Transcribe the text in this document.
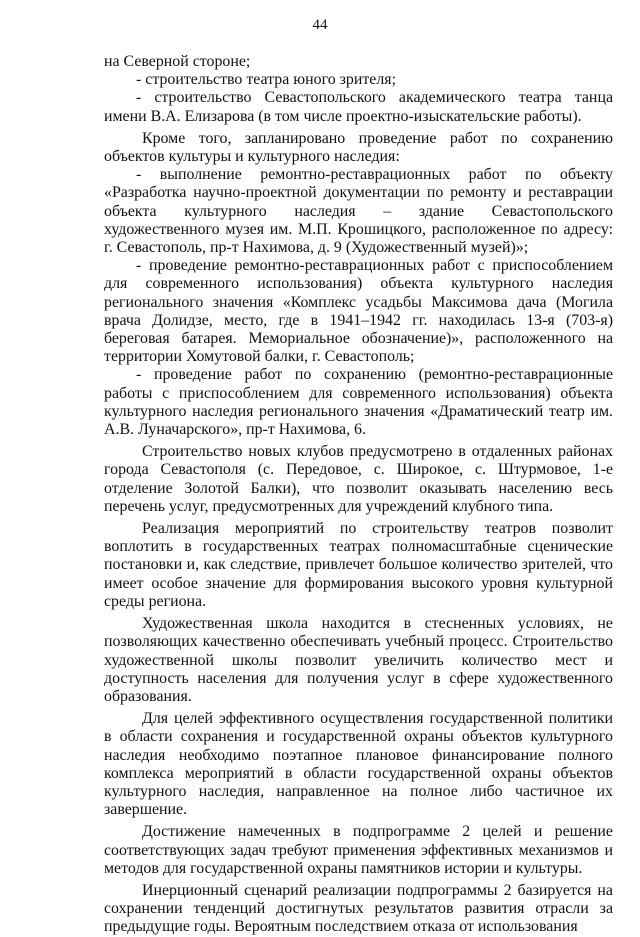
44

на Северной стороне;

- строительство театра юного зрителя;

- строительство Севастопольского академического театра танца имени В.А. Елизарова (в том числе проектно-изыскательские работы).

Кроме того, запланировано проведение работ по сохранению объектов культуры и культурного наследия:

- выполнение ремонтно-реставрационных работ по объекту «Разработка научно-проектной документации по ремонту и реставрации объекта культурного наследия – здание Севастопольского художественного музея им. М.П. Крошицкого, расположенное по адресу: г. Севастополь, пр-т Нахимова, д. 9 (Художественный музей)»;

- проведение ремонтно-реставрационных работ с приспособлением для современного использования) объекта культурного наследия регионального значения «Комплекс усадьбы Максимова дача (Могила врача Долидзе, место, где в 1941–1942 гг. находилась 13-я (703-я) береговая батарея. Мемориальное обозначение)», расположенного на территории Хомутовой балки, г. Севастополь;

- проведение работ по сохранению (ремонтно-реставрационные работы с приспособлением для современного использования) объекта культурного наследия регионального значения «Драматический театр им. А.В. Луначарского», пр-т Нахимова, 6.

Строительство новых клубов предусмотрено в отдаленных районах города Севастополя (с. Передовое, с. Широкое, с. Штурмовое, 1-е отделение Золотой Балки), что позволит оказывать населению весь перечень услуг, предусмотренных для учреждений клубного типа.

Реализация мероприятий по строительству театров позволит воплотить в государственных театрах полномасштабные сценические постановки и, как следствие, привлечет большое количество зрителей, что имеет особое значение для формирования высокого уровня культурной среды региона.

Художественная школа находится в стесненных условиях, не позволяющих качественно обеспечивать учебный процесс. Строительство художественной школы позволит увеличить количество мест и доступность населения для получения услуг в сфере художественного образования.

Для целей эффективного осуществления государственной политики в области сохранения и государственной охраны объектов культурного наследия необходимо поэтапное плановое финансирование полного комплекса мероприятий в области государственной охраны объектов культурного наследия, направленное на полное либо частичное их завершение.

Достижение намеченных в подпрограмме 2 целей и решение соответствующих задач требуют применения эффективных механизмов и методов для государственной охраны памятников истории и культуры.

Инерционный сценарий реализации подпрограммы 2 базируется на сохранении тенденций достигнутых результатов развития отрасли за предыдущие годы. Вероятным последствием отказа от использования
